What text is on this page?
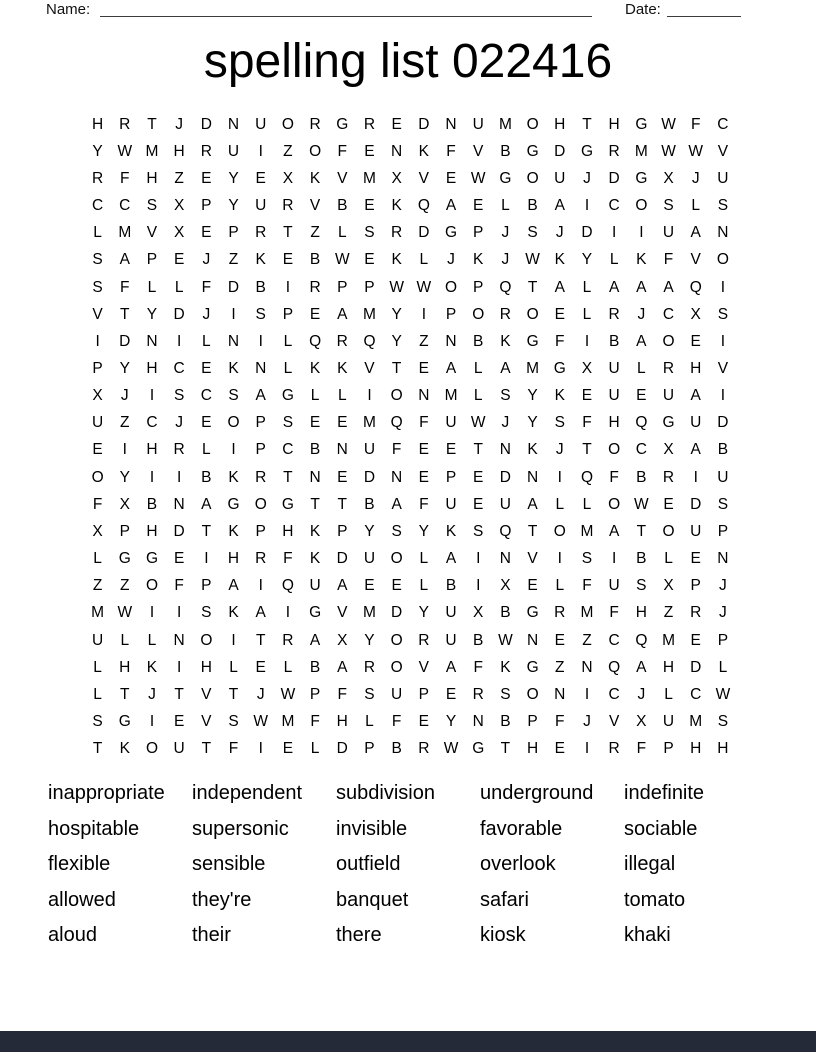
Name:	Date:
spelling list 022416
H	R	T	J	D	N	U	O	R	G	R	E	D	N	U M O	H	T	H	G W F	C
Y W M H	R	U	I	Z	O	F	E	N	K	F	V	B	G	D	G	R M W W V
R	F	H	Z	E	Y	E	X	K	V	M	X	V	E W G O	U	J	D	G	X	J	U
C	C	S	X	P	Y	U	R	V	B	E	K	Q	A	E	L	B	A	I	C	O	S	L	S
L	M	V	X	E	P	R	T	Z	L	S	R	D	G	P	J	S	J	D	I	I	U	A	N
S	A	P	E	J	Z	K	E	B W E	K	L	J	K	J	W K	Y	L	K	F	V	O
S	F	L	L	F	D	B	I	R	P	P W W O	P	Q	T	A	L	A	A	A	Q	I
V	T	Y	D	J	I	S	P	E	A	M	Y	I	P	O	R	O	E	L	R	J	C	X	S
I	D	N	I	L	N	I	L	Q	R	Q	Y	Z	N	B	K	G	F	I	B	A	O	E	I
P	Y	H	C	E	K	N	L	K	K	V	T	E	A	L	A	M G	X	U	L	R	H	V
X	J	I	S	C	S	A	G	L	L	I	O	N M	L	S	Y	K	E	U	E	U	A	I
U	Z	C	J	E	O	P	S	E	E	M Q	F	U W	J	Y	S	F	H	Q G	U	D
E	I	H	R	L	I	P	C	B	N	U	F	E	E	T	N	K	J	T	O	C	X	A	B
O	Y	I	I	B	K	R	T	N	E	D	N	E	P	E	D	N	I	Q	F	B	R	I	U
F	X	B	N	A	G O G	T	T	B	A	F	U	E	U	A	L	L	O W E	D	S
X	P	H	D	T	K	P	H	K	P	Y	S	Y	K	S	Q	T	O M	A	T	O	U	P
L	G G	E	I	H	R	F	K	D	U	O	L	A	I	N	V	I	S	I	B	L	E	N
Z	Z	O	F	P	A	I	Q	U	A	E	E	L	B	I	X	E	L	F	U	S	X	P	J
M W	I	I	S	K	A	I	G	V	M D	Y	U	X	B	G	R M	F	H	Z	R	J
U	L	L	N	O	I	T	R	A	X	Y	O	R	U	B W N	E	Z	C	Q M	E	P
L	H	K	I	H	L	E	L	B	A	R	O	V	A	F	K	G	Z	N	Q	A	H	D	L
L	T	J	T	V	T	J	W P	F	S	U	P	E	R	S	O	N	I	C	J	L	C W
S	G	I	E	V	S W M	F	H	L	F	E	Y	N	B	P	F	J	V	X	U M	S
T	K	O	U	T	F	I	E	L	D	P	B	R W G	T	H	E	I	R	F	P	H	H
inappropriate	independent	subdivision	underground	indefinite
hospitable	supersonic	invisible	favorable	sociable
flexible	sensible	outfield	overlook	illegal
allowed	they're	banquet	safari	tomato
aloud	their	there	kiosk	khaki
